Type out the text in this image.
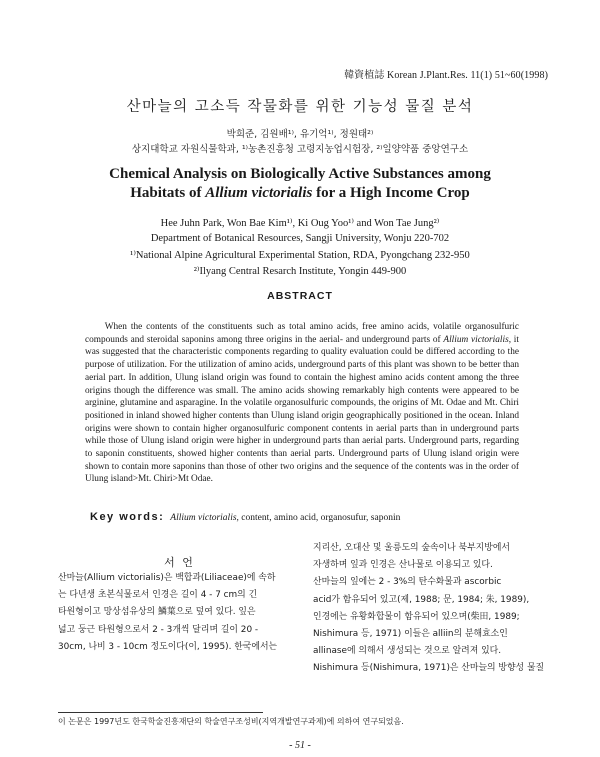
韓資植誌 Korean J.Plant.Res. 11(1) 51~60(1998)
산마늘의 고소득 작물화를 위한 기능성 물질 분석
박희준, 김원배¹⁾, 유기억¹⁾, 정원태²⁾
상지대학교 자원식물학과, ¹⁾농촌진흥청 고령지농업시험장, ²⁾일양약품 중앙연구소
Chemical Analysis on Biologically Active Substances among
Habitats of Allium victorialis for a High Income Crop
Hee Juhn Park, Won Bae Kim¹⁾, Ki Oug Yoo¹⁾ and Won Tae Jung²⁾
Department of Botanical Resources, Sangji University, Wonju 220-702
¹⁾National Alpine Agricultural Experimental Station, RDA, Pyongchang 232-950
²⁾Ilyang Central Resarch Institute, Yongin 449-900
ABSTRACT
When the contents of the constituents such as total amino acids, free amino acids, volatile organosulfuric compounds and steroidal saponins among three origins in the aerial- and underground parts of Allium victorialis, it was suggested that the characteristic components regarding to quality evaluation could be differed according to the purpose of utilization. For the utilization of amino acids, underground parts of this plant was shown to be better than aerial part. In addition, Ulung island origin was found to contain the highest amino acids content among the three origins though the difference was small. The amino acids showing remarkably high contents were appeared to be arginine, glutamine and asparagine. In the volatile organosulfuric compounds, the origins of Mt. Odae and Mt. Chiri positioned in inland showed higher contents than Ulung island origin geographically positioned in the ocean. Inland origins were shown to contain higher organosulfuric component contents in aerial parts than in underground parts while those of Ulung island origin were higher in underground parts than aerial parts. Underground parts, regarding to saponin constituents, showed higher contents than aerial parts. Underground parts of Ulung island origin were shown to contain more saponins than those of other two origins and the sequence of the contents was in the order of Ulung island>Mt. Chiri>Mt Odae.
Key words: Allium victorialis, content, amino acid, organosufur, saponin
서 언
산마늘(Allium victorialis)은 백합과(Liliaceae)에 속하
는 다년생 초본식물로서 인경은 길이 4 - 7 cm의 긴
타원형이고 망상섬유상의 鱗葉으로 덮여 있다. 잎은
넓고 둥근 타원형으로서 2 - 3개씩 달리며 길이 20 -
30cm, 나비 3 - 10cm 정도이다(이, 1995). 한국에서는
지리산, 오대산 및 울릉도의 숲속이나 북부지방에서
자생하며 잎과 인경은 산나물로 이용되고 있다.
산마늘의 잎에는 2 - 3%의 탄수화물과 ascorbic
acid가 함유되어 있고(제, 1988; 문, 1984; 朱, 1989),
인경에는 유황화합물이 함유되어 있으며(柴田, 1989;
Nishimura 등, 1971) 이들은 alliin의 분해효소인
allinase에 의해서 생성되는 것으로 알려져 있다.
Nishimura 등(Nishimura, 1971)은 산마늘의 방향성 물질
이 논문은 1997년도 한국학술진흥재단의 학술연구조성비(지역개발연구과제)에 의하여 연구되었음.
- 51 -
